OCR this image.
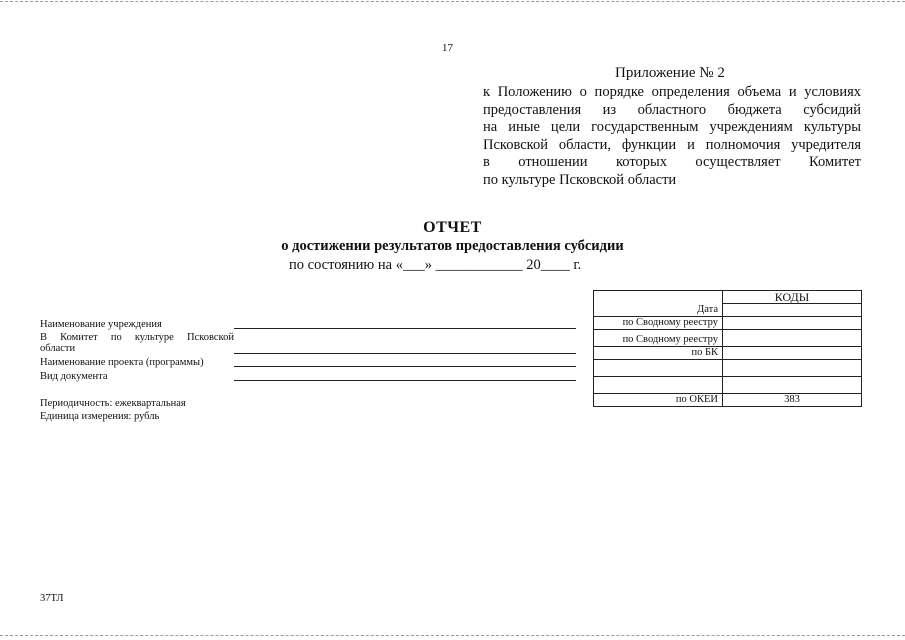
17
Приложение № 2
к Положению о порядке определения объема и условиях
предоставления из областного бюджета субсидий
на иные цели государственным учреждениям культуры
Псковской области, функции и полномочия учредителя
в отношении которых осуществляет Комитет
по культуре Псковской области
ОТЧЕТ
о достижении результатов предоставления субсидии
по состоянию на «___» ____________ 20____ г.
Наименование учреждения
В Комитет по культуре Псковской
области
Наименование проекта (программы)
Вид документа
Периодичность: ежеквартальная
Единица измерения: рубль
	КОДЫ
Дата	
по Сводному реестру	
по Сводному реестру	
по БК	

по ОКЕИ	383
37ТЛ
